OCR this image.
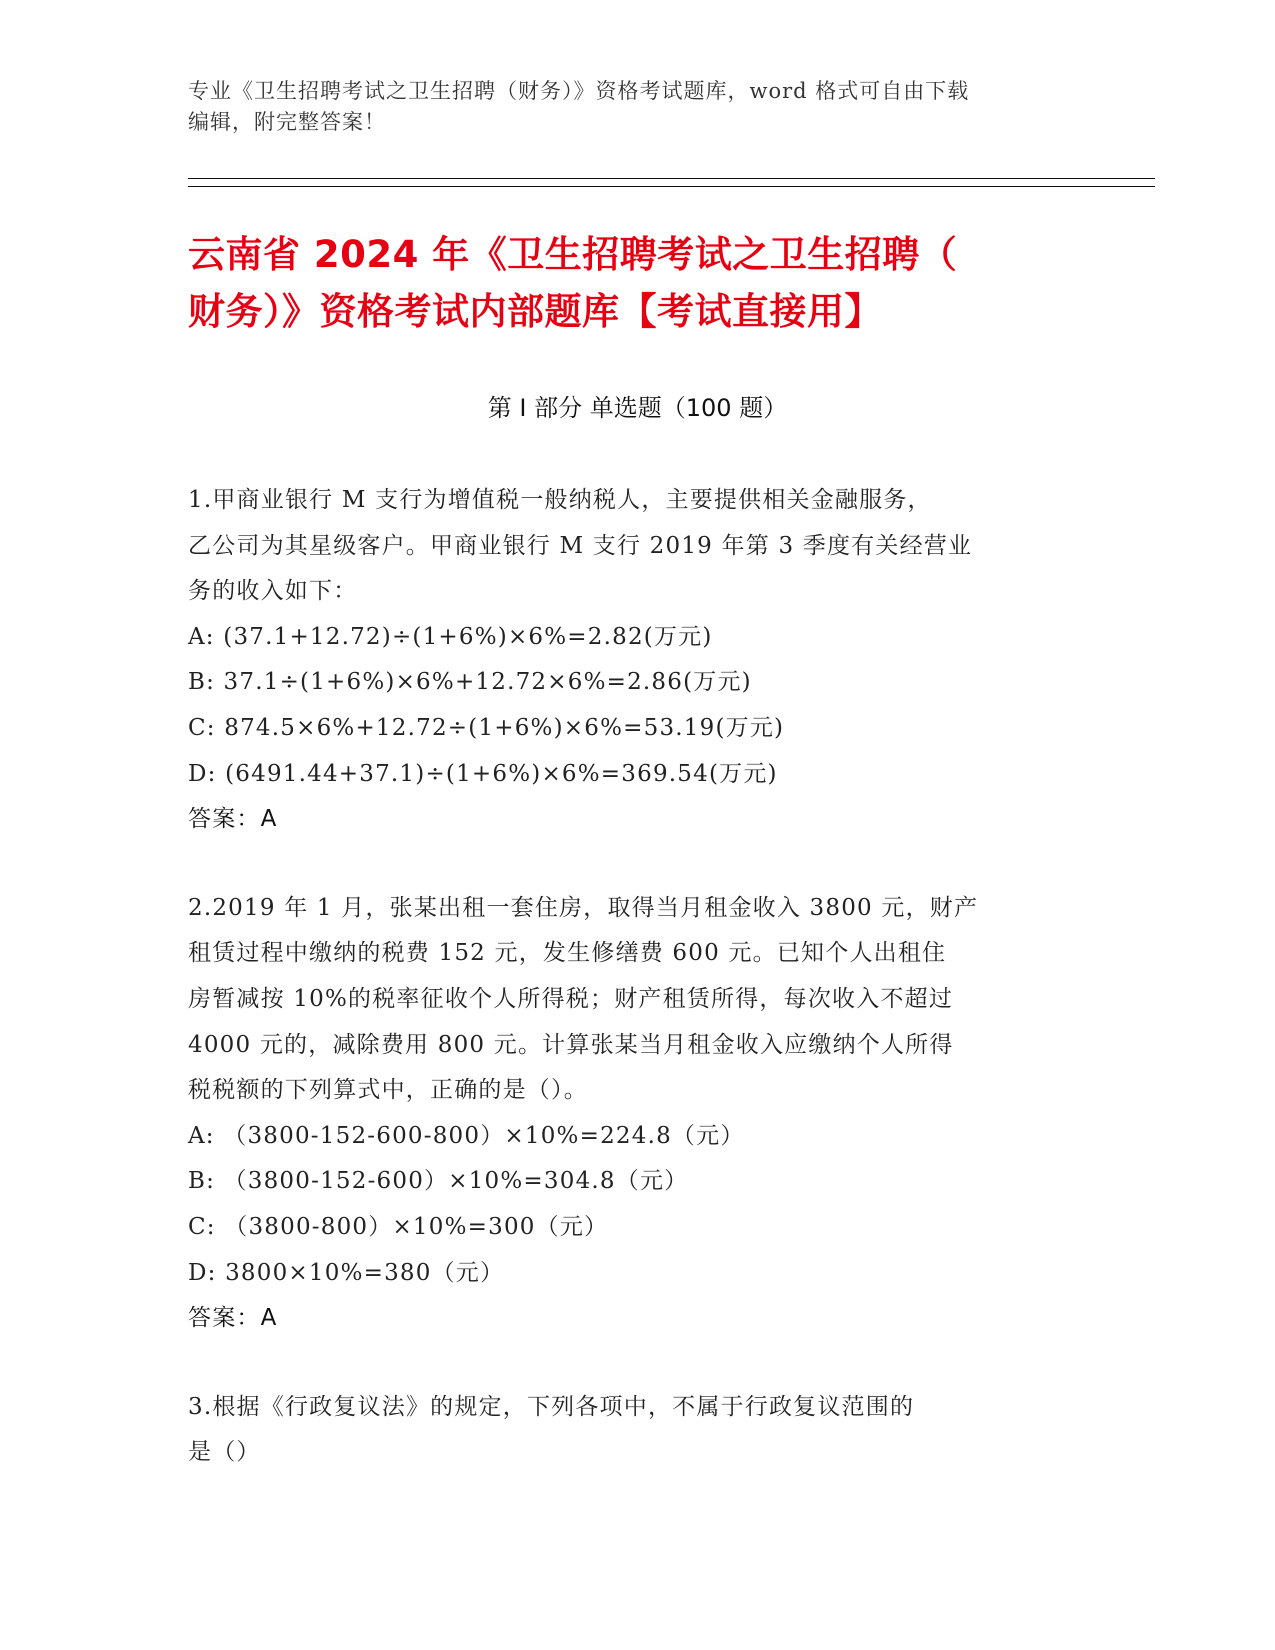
专业《卫生招聘考试之卫生招聘（财务）》资格考试题库，word 格式可自由下载

编辑，附完整答案！

云南省 2024 年《卫生招聘考试之卫生招聘（

财务）》资格考试内部题库【考试直接用】

第 I 部分 单选题（100 题）

1.甲商业银行 M 支行为增值税一般纳税人，主要提供相关金融服务，

乙公司为其星级客户。甲商业银行 M 支行 2019 年第 3 季度有关经营业

务的收入如下：

A: (37.1+12.72)÷(1+6%)×6%=2.82(万元)

B: 37.1÷(1+6%)×6%+12.72×6%=2.86(万元)

C: 874.5×6%+12.72÷(1+6%)×6%=53.19(万元)

D: (6491.44+37.1)÷(1+6%)×6%=369.54(万元)

答案：A

2.2019 年 1 月，张某出租一套住房，取得当月租金收入 3800 元，财产

租赁过程中缴纳的税费 152 元，发生修缮费 600 元。已知个人出租住

房暂减按 10%的税率征收个人所得税；财产租赁所得，每次收入不超过

4000 元的，减除费用 800 元。计算张某当月租金收入应缴纳个人所得

税税额的下列算式中，正确的是（）。

A: （3800-152-600-800）×10%=224.8（元）

B: （3800-152-600）×10%=304.8（元）

C: （3800-800）×10%=300（元）

D: 3800×10%=380（元）

答案：A

3.根据《行政复议法》的规定，下列各项中，不属于行政复议范围的

是（）
